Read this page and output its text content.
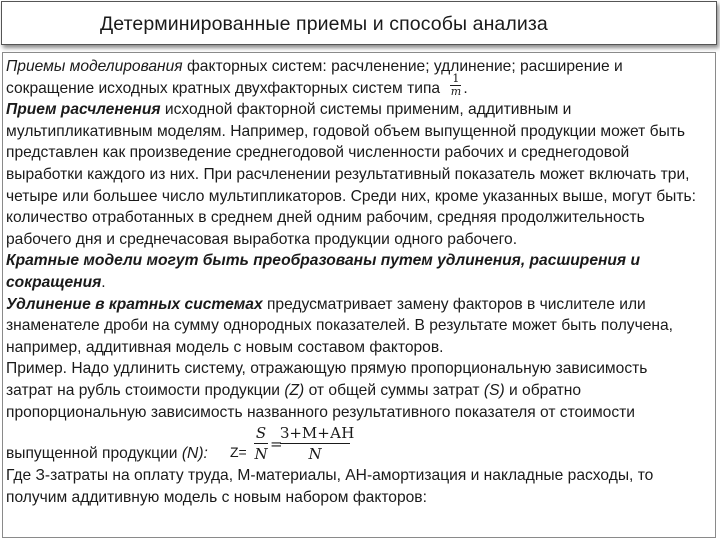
Детерминированные приемы и способы анализа

Приемы моделирования факторных систем: расчленение; удлинение; расширение и сокращение исходных кратных двухфакторных систем типа $\frac{1}{m}$ .

Прием расчленения исходной факторной системы применим, аддитивным и мультипликативным моделям. Например, годовой объем выпущенной продукции может быть представлен как произведение среднегодовой численности рабочих и среднегодовой выработки каждого из них. При расчленении результативный показатель может включать три, четыре или большее число мультипликаторов. Среди них, кроме указанных выше, могут быть: количество отработанных в среднем дней одним рабочим, средняя продолжительность рабочего дня и среднечасовая выработка продукции одного рабочего.

Кратные модели могут быть преобразованы путем удлинения, расширения и сокращения.

Удлинение в кратных системах предусматривает замену факторов в числителе или знаменателе дроби на сумму однородных показателей. В результате может быть получена, например, аддитивная модель с новым составом факторов.

Пример. Надо удлинить систему, отражающую прямую пропорциональную зависимость затрат на рубль стоимости продукции (Z) от общей суммы затрат (S) и обратно пропорциональную зависимость названного результативного показателя от стоимости

выпущенной продукции (N): Z=
S
N
=
З+М+АН
N

Где З-затраты на оплату труда, М-материалы, АН-амортизация и накладные расходы, то получим аддитивную модель с новым набором факторов:
